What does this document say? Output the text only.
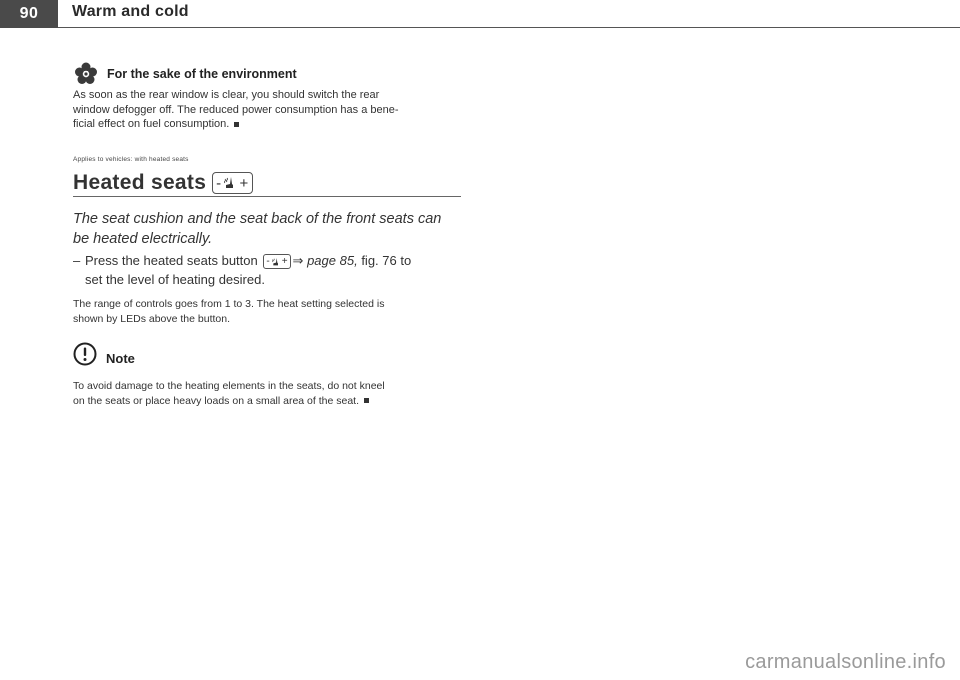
90	Warm and cold
For the sake of the environment
As soon as the rear window is clear, you should switch the rear
window defogger off. The reduced power consumption has a bene-
ficial effect on fuel consumption.
Applies to vehicles: with heated seats
Heated seats - +
The seat cushion and the seat back of the front seats can
be heated electrically.
– Press the heated seats button - + ⇒ page 85, fig. 76 to
set the level of heating desired.
The range of controls goes from 1 to 3. The heat setting selected is
shown by LEDs above the button.
Note
To avoid damage to the heating elements in the seats, do not kneel
on the seats or place heavy loads on a small area of the seat.
carmanualsonline.info
